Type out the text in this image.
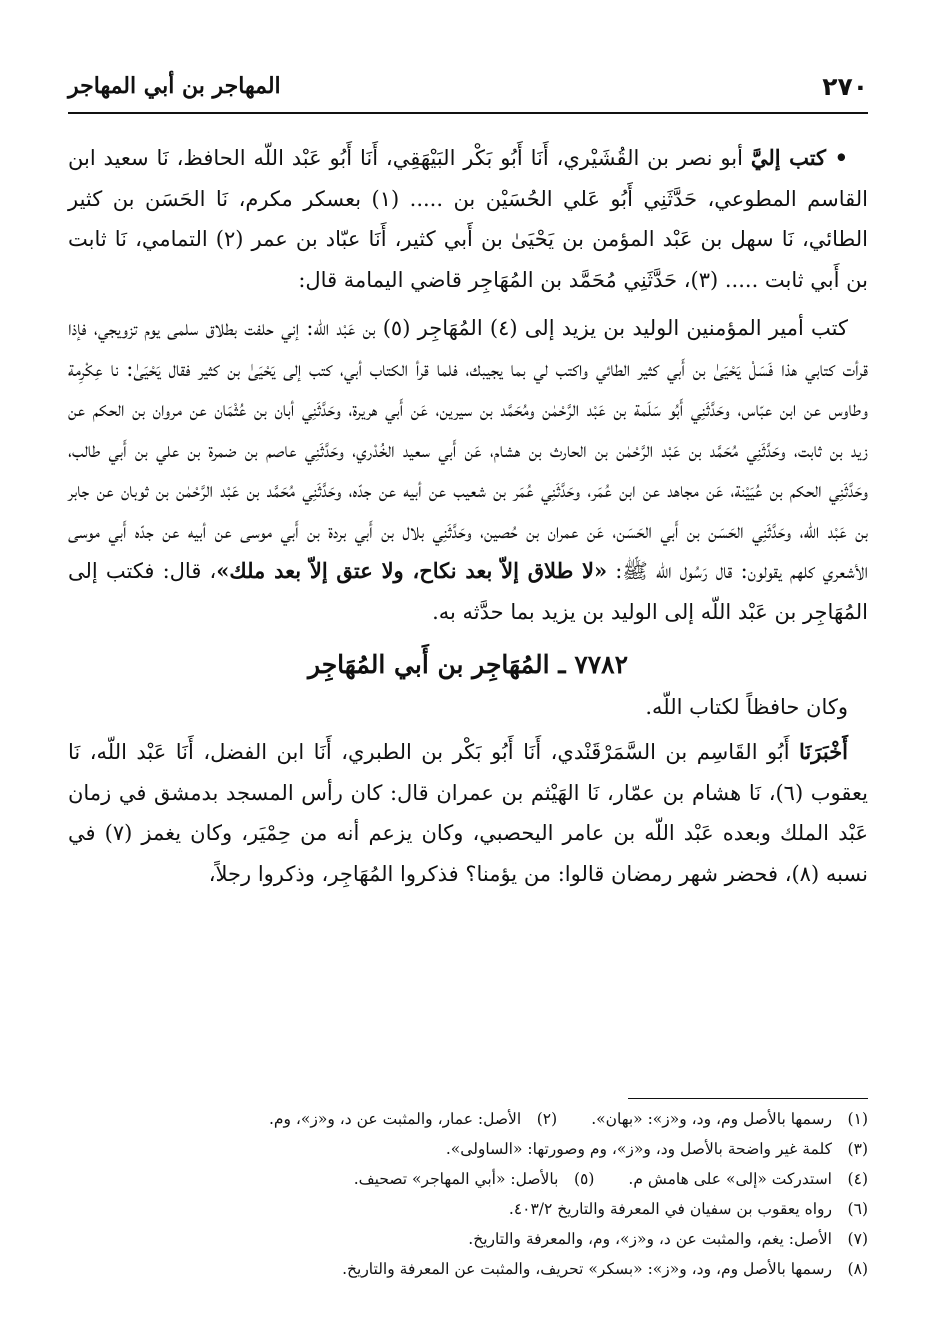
٢٧٠
المهاجر بن أبي المهاجر

• كتب إليَّ أبو نصر بن القُشَيْري، أَنَا أَبُو بَكْر البَيْهَقِي، أَنَا أَبُو عَبْد اللّه الحافظ، نَا سعيد ابن القاسم المطوعي، حَدَّثَنِي أَبُو عَلي الحُسَيْن بن ..... (١) بعسكر مكرم، نَا الحَسَن بن كثير الطائي، نَا سهل بن عَبْد المؤمن بن يَحْيَىٰ بن أَبي كثير، أَنَا عبّاد بن عمر (٢) التمامي، نَا ثابت بن أَبي ثابت ..... (٣)، حَدَّثَنِي مُحَمَّد بن المُهَاجِر قاضي اليمامة قال:

كتب أمير المؤمنين الوليد بن يزيد إلى (٤) المُهَاجِر (٥) بن عَبْد اللّه: إني حلفت بطلاق سلمى يوم تزويجي، فإذا قرأت كتابي هذا فَسَلْ يَحْيَىٰ بن أَبي كثير الطائي واكتب لي بما يجيبك، فلما قرأ الكتاب أبي، كتب إلى يَحْيَىٰ بن كثير فقال يَحْيَىٰ: نا عِكْرِمة وطاوس عن ابن عبّاس، وحَدَّثَنِي أَبُو سَلَمة بن عَبْد الرَّحْمٰن ومُحَمَّد بن سيرين، عَن أَبي هريرة، وحَدَّثَنِي أبان بن عُثْمَان عن مروان بن الحكم عن زيد بن ثابت، وحَدَّثَنِي مُحَمَّد بن عَبْد الرَّحْمٰن بن الحارث بن هشام، عَن أَبي سعيد الخُدْري، وحَدَّثَنِي عاصم بن ضمرة بن علي بن أَبي طالب، وحَدَّثَنِي الحكم بن عُيَيْنة، عَن مجاهد عن ابن عُمَر، وحَدَّثَنِي عُمَر بن شعيب عن أبيه عن جدّه، وحَدَّثَنِي مُحَمَّد بن عَبْد الرَّحْمٰن بن ثوبان عن جابر بن عَبْد اللّه، وحَدَّثَنِي الحَسَن بن أَبي الحَسَن، عَن عمران بن حُصين، وحَدَّثَنِي بلال بن أَبي بردة بن أَبي موسى عن أبيه عن جدّه أَبي موسى الأشعري كلهم يقولون: قال رَسُول اللّه ﷺ: «لا طلاق إلاّ بعد نكاح، ولا عتق إلاّ بعد ملك»، قال: فكتب إلى المُهَاجِر بن عَبْد اللّه إلى الوليد بن يزيد بما حدَّثه به.

٧٧٨٢ ـ المُهَاجِر بن أَبي المُهَاجِر
وكان حافظاً لكتاب اللّه.

أَخْبَرَنَا أَبُو القَاسِم بن السَّمَرْقَنْدي، أَنَا أَبُو بَكْر بن الطبري، أَنَا ابن الفضل، أَنَا عَبْد اللّه، نَا يعقوب (٦)، نَا هشام بن عمّار، نَا الهَيْثم بن عمران قال: كان رأس المسجد بدمشق في زمان عَبْد الملك وبعده عَبْد اللّه بن عامر اليحصبي، وكان يزعم أنه من حِمْيَر، وكان يغمز (٧) في نسبه (٨)، فحضر شهر رمضان قالوا: من يؤمنا؟ فذكروا المُهَاجِر، وذكروا رجلاً،

(١)رسمها بالأصل وم، ود، و«ز»: «بهان».
(٢)الأصل: عمار، والمثبت عن د، و«ز»، وم.
(٣)كلمة غير واضحة بالأصل ود، و«ز»، وم وصورتها: «الساولى».
(٤)استدركت «إلى» على هامش م.
(٥)بالأصل: «أبي المهاجر» تصحيف.
(٦)رواه يعقوب بن سفيان في المعرفة والتاريخ ٤٠٣/٢.
(٧)الأصل: يغم، والمثبت عن د، و«ز»، وم، والمعرفة والتاريخ.
(٨)رسمها بالأصل وم، ود، و«ز»: «بسكر» تحريف، والمثبت عن المعرفة والتاريخ.
